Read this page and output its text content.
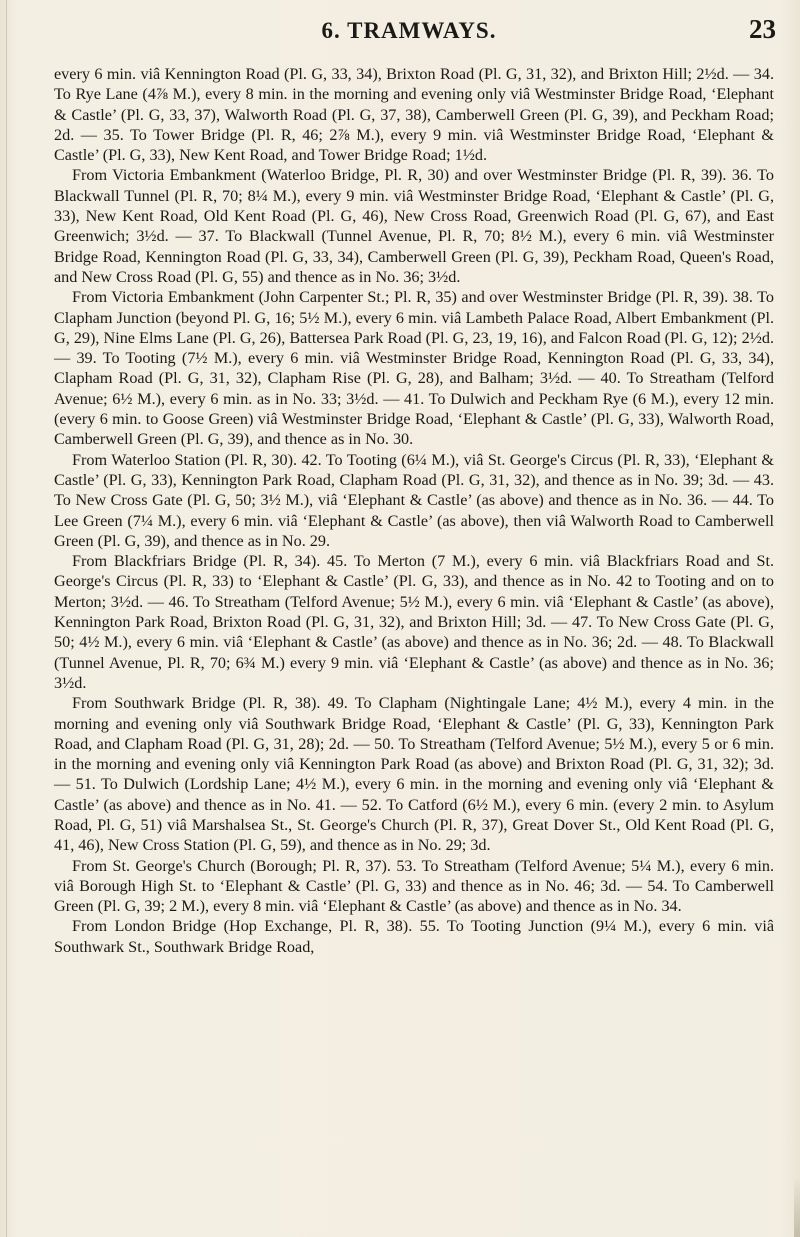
6. TRAMWAYS.	23

every 6 min. viâ Kennington Road (Pl. G, 33, 34), Brixton Road (Pl. G, 31, 32), and Brixton Hill; 2½d. — 34. To Rye Lane (4⅞ M.), every 8 min. in the morning and evening only viâ Westminster Bridge Road, ‘Elephant & Castle’ (Pl. G, 33, 37), Walworth Road (Pl. G, 37, 38), Camberwell Green (Pl. G, 39), and Peckham Road; 2d. — 35. To Tower Bridge (Pl. R, 46; 2⅞ M.), every 9 min. viâ Westminster Bridge Road, ‘Elephant & Castle’ (Pl. G, 33), New Kent Road, and Tower Bridge Road; 1½d.

From Victoria Embankment (Waterloo Bridge, Pl. R, 30) and over Westminster Bridge (Pl. R, 39). 36. To Blackwall Tunnel (Pl. R, 70; 8¼ M.), every 9 min. viâ Westminster Bridge Road, ‘Elephant & Castle’ (Pl. G, 33), New Kent Road, Old Kent Road (Pl. G, 46), New Cross Road, Greenwich Road (Pl. G, 67), and East Greenwich; 3½d. — 37. To Blackwall (Tunnel Avenue, Pl. R, 70; 8½ M.), every 6 min. viâ Westminster Bridge Road, Kennington Road (Pl. G, 33, 34), Camberwell Green (Pl. G, 39), Peckham Road, Queen's Road, and New Cross Road (Pl. G, 55) and thence as in No. 36; 3½d.

From Victoria Embankment (John Carpenter St.; Pl. R, 35) and over Westminster Bridge (Pl. R, 39). 38. To Clapham Junction (beyond Pl. G, 16; 5½ M.), every 6 min. viâ Lambeth Palace Road, Albert Embankment (Pl. G, 29), Nine Elms Lane (Pl. G, 26), Battersea Park Road (Pl. G, 23, 19, 16), and Falcon Road (Pl. G, 12); 2½d. — 39. To Tooting (7½ M.), every 6 min. viâ Westminster Bridge Road, Kennington Road (Pl. G, 33, 34), Clapham Road (Pl. G, 31, 32), Clapham Rise (Pl. G, 28), and Balham; 3½d. — 40. To Streatham (Telford Avenue; 6½ M.), every 6 min. as in No. 33; 3½d. — 41. To Dulwich and Peckham Rye (6 M.), every 12 min. (every 6 min. to Goose Green) viâ Westminster Bridge Road, ‘Elephant & Castle’ (Pl. G, 33), Walworth Road, Camberwell Green (Pl. G, 39), and thence as in No. 30.

From Waterloo Station (Pl. R, 30). 42. To Tooting (6¼ M.), viâ St. George's Circus (Pl. R, 33), ‘Elephant & Castle’ (Pl. G, 33), Kennington Park Road, Clapham Road (Pl. G, 31, 32), and thence as in No. 39; 3d. — 43. To New Cross Gate (Pl. G, 50; 3½ M.), viâ ‘Elephant & Castle’ (as above) and thence as in No. 36. — 44. To Lee Green (7¼ M.), every 6 min. viâ ‘Elephant & Castle’ (as above), then viâ Walworth Road to Camberwell Green (Pl. G, 39), and thence as in No. 29.

From Blackfriars Bridge (Pl. R, 34). 45. To Merton (7 M.), every 6 min. viâ Blackfriars Road and St. George's Circus (Pl. R, 33) to ‘Elephant & Castle’ (Pl. G, 33), and thence as in No. 42 to Tooting and on to Merton; 3½d. — 46. To Streatham (Telford Avenue; 5½ M.), every 6 min. viâ ‘Elephant & Castle’ (as above), Kennington Park Road, Brixton Road (Pl. G, 31, 32), and Brixton Hill; 3d. — 47. To New Cross Gate (Pl. G, 50; 4½ M.), every 6 min. viâ ‘Elephant & Castle’ (as above) and thence as in No. 36; 2d. — 48. To Blackwall (Tunnel Avenue, Pl. R, 70; 6¾ M.) every 9 min. viâ ‘Elephant & Castle’ (as above) and thence as in No. 36; 3½d.

From Southwark Bridge (Pl. R, 38). 49. To Clapham (Nightingale Lane; 4½ M.), every 4 min. in the morning and evening only viâ Southwark Bridge Road, ‘Elephant & Castle’ (Pl. G, 33), Kennington Park Road, and Clapham Road (Pl. G, 31, 28); 2d. — 50. To Streatham (Telford Avenue; 5½ M.), every 5 or 6 min. in the morning and evening only viâ Kennington Park Road (as above) and Brixton Road (Pl. G, 31, 32); 3d. — 51. To Dulwich (Lordship Lane; 4½ M.), every 6 min. in the morning and evening only viâ ‘Elephant & Castle’ (as above) and thence as in No. 41. — 52. To Catford (6½ M.), every 6 min. (every 2 min. to Asylum Road, Pl. G, 51) viâ Marshalsea St., St. George's Church (Pl. R, 37), Great Dover St., Old Kent Road (Pl. G, 41, 46), New Cross Station (Pl. G, 59), and thence as in No. 29; 3d.

From St. George's Church (Borough; Pl. R, 37). 53. To Streatham (Telford Avenue; 5¼ M.), every 6 min. viâ Borough High St. to ‘Elephant & Castle’ (Pl. G, 33) and thence as in No. 46; 3d. — 54. To Camberwell Green (Pl. G, 39; 2 M.), every 8 min. viâ ‘Elephant & Castle’ (as above) and thence as in No. 34.

From London Bridge (Hop Exchange, Pl. R, 38). 55. To Tooting Junction (9¼ M.), every 6 min. viâ Southwark St., Southwark Bridge Road,
